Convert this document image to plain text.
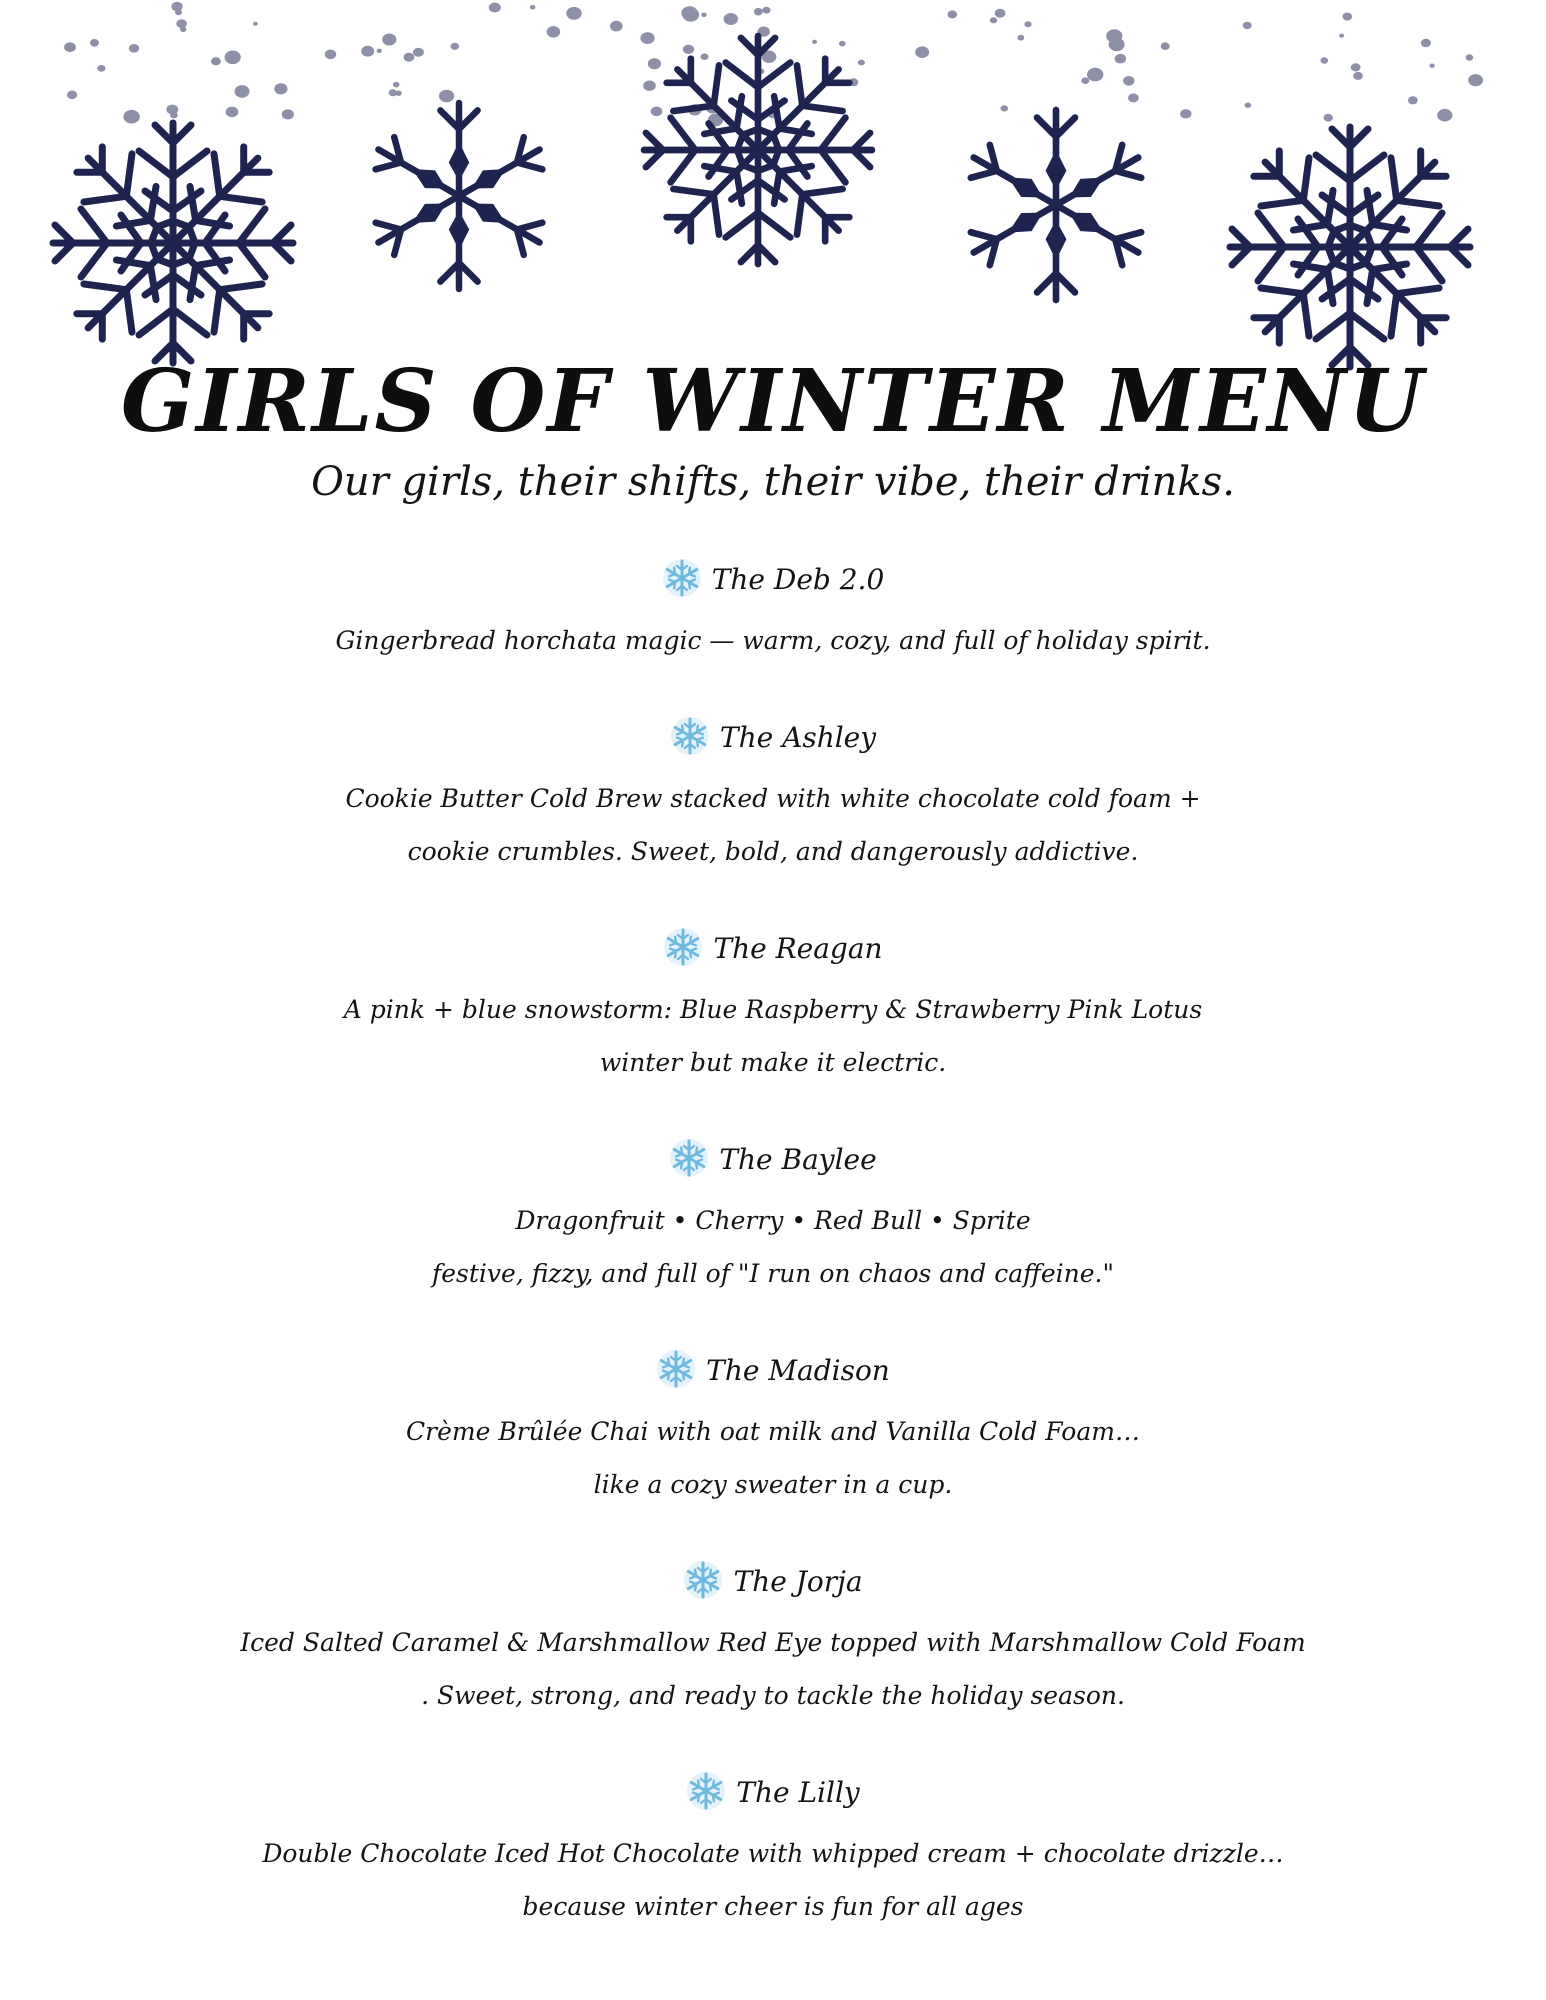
GIRLS OF WINTER MENU
Our girls, their shifts, their vibe, their drinks.
The Deb 2.0
Gingerbread horchata magic — warm, cozy, and full of holiday spirit.
The Ashley
Cookie Butter Cold Brew stacked with white chocolate cold foam +
cookie crumbles. Sweet, bold, and dangerously addictive.
The Reagan
A pink + blue snowstorm: Blue Raspberry & Strawberry Pink Lotus
winter but make it electric.
The Baylee
Dragonfruit • Cherry • Red Bull • Sprite
festive, fizzy, and full of "I run on chaos and caffeine."
The Madison
Crème Brûlée Chai with oat milk and Vanilla Cold Foam…
like a cozy sweater in a cup.
The Jorja
Iced Salted Caramel & Marshmallow Red Eye topped with Marshmallow Cold Foam
. Sweet, strong, and ready to tackle the holiday season.
The Lilly
Double Chocolate Iced Hot Chocolate with whipped cream + chocolate drizzle…
because winter cheer is fun for all ages
